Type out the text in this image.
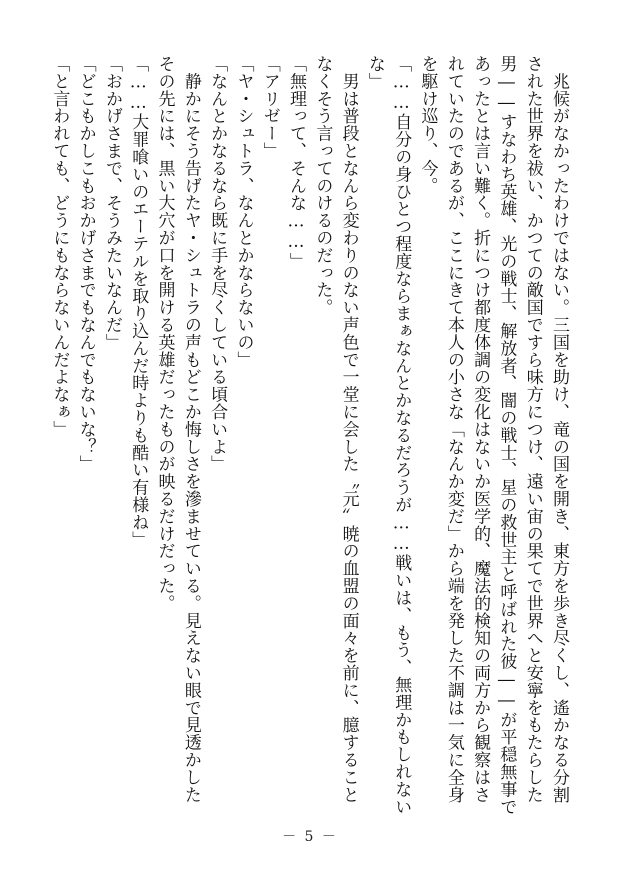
　兆候がなかったわけではない。三国を助け、竜の国を開き、東方を歩き尽くし、遙かなる分割
された世界を祓い、かつての敵国ですら味方につけ、遠い宙の果てで世界へと安寧をもたらした
男――すなわち英雄、光の戦士、解放者、闇の戦士、星の救世主と呼ばれた彼――が平穏無事で
あったとは言い難く。折につけ都度体調の変化はないか医学的、魔法的検知の両方から観察はさ
れていたのであるが、ここにきて本人の小さな「なんか変だ」から端を発した不調は一気に全身
を駆け巡り、今。
「……自分の身ひとつ程度ならまぁなんとかなるだろうが……戦いは、もう、無理かもしれない
な」
　男は普段となんら変わりのない声色で一堂に会した〝元〟暁の血盟の面々を前に、臆すること
なくそう言ってのけるのだった。
「無理って、そんな……」
「アリゼー」
「ヤ・シュトラ、なんとかならないの」
「なんとかなるなら既に手を尽くしている頃合いよ」
　静かにそう告げたヤ・シュトラの声もどこか悔しさを滲ませている。見えない眼で見透かした
その先には、黒い大穴が口を開ける英雄だったものが映るだけだった。
「……大罪喰いのエーテルを取り込んだ時よりも酷い有様ね」
「おかげさまで、そうみたいなんだ」
「どこもかしこもおかげさまでもなんでもないな？」
「と言われても、どうにもならないんだよなぁ」
－ 5 －
